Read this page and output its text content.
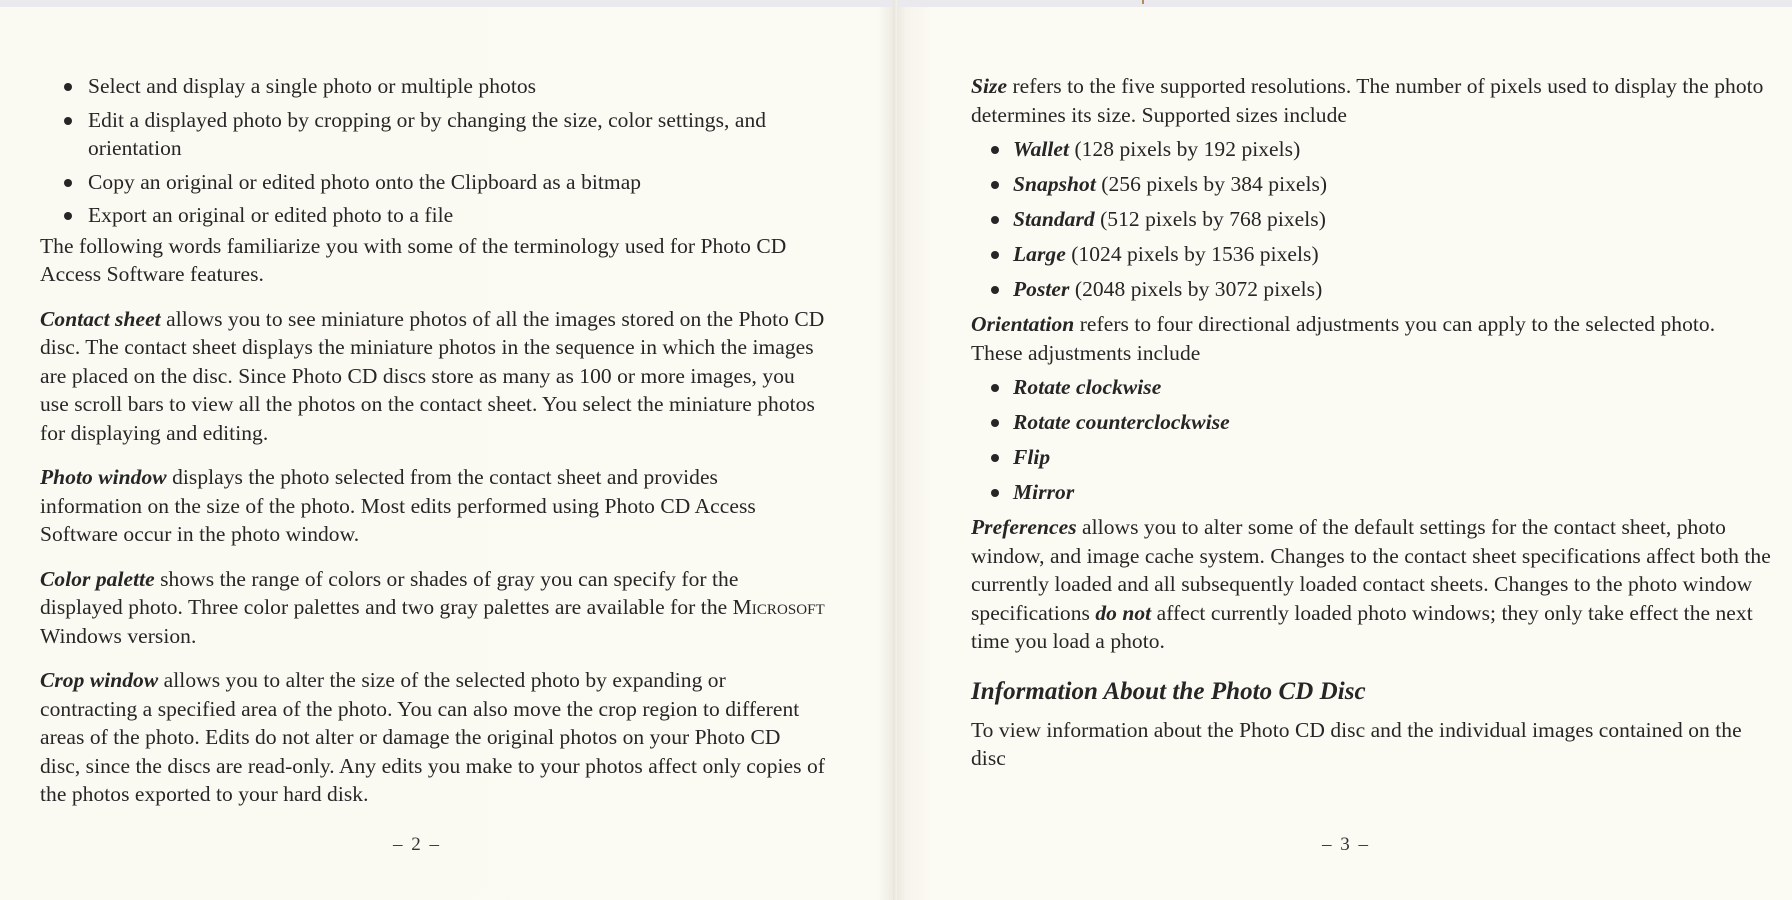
Select and display a single photo or multiple photos
Edit a displayed photo by cropping or by changing the size, color settings, and orientation
Copy an original or edited photo onto the Clipboard as a bitmap
Export an original or edited photo to a file

The following words familiarize you with some of the terminology used for Photo CD Access Software features.

Contact sheet allows you to see miniature photos of all the images stored on the Photo CD disc. The contact sheet displays the miniature photos in the sequence in which the images are placed on the disc. Since Photo CD discs store as many as 100 or more images, you use scroll bars to view all the photos on the contact sheet. You select the miniature photos for displaying and editing.

Photo window displays the photo selected from the contact sheet and provides information on the size of the photo. Most edits performed using Photo CD Access Software occur in the photo window.

Color palette shows the range of colors or shades of gray you can specify for the displayed photo. Three color palettes and two gray palettes are available for the Microsoft Windows version.

Crop window allows you to alter the size of the selected photo by expanding or contracting a specified area of the photo. You can also move the crop region to different areas of the photo. Edits do not alter or damage the original photos on your Photo CD disc, since the discs are read-only. Any edits you make to your photos affect only copies of the photos exported to your hard disk.

– 2 –

Size refers to the five supported resolutions. The number of pixels used to display the photo determines its size. Supported sizes include

Wallet (128 pixels by 192 pixels)
Snapshot (256 pixels by 384 pixels)
Standard (512 pixels by 768 pixels)
Large (1024 pixels by 1536 pixels)
Poster (2048 pixels by 3072 pixels)

Orientation refers to four directional adjustments you can apply to the selected photo. These adjustments include

Rotate clockwise
Rotate counterclockwise
Flip
Mirror

Preferences allows you to alter some of the default settings for the contact sheet, photo window, and image cache system. Changes to the contact sheet specifications affect both the currently loaded and all subsequently loaded contact sheets. Changes to the photo window specifications do not affect currently loaded photo windows; they only take effect the next time you load a photo.

Information About the Photo CD Disc

To view information about the Photo CD disc and the individual images contained on the disc

– 3 –
